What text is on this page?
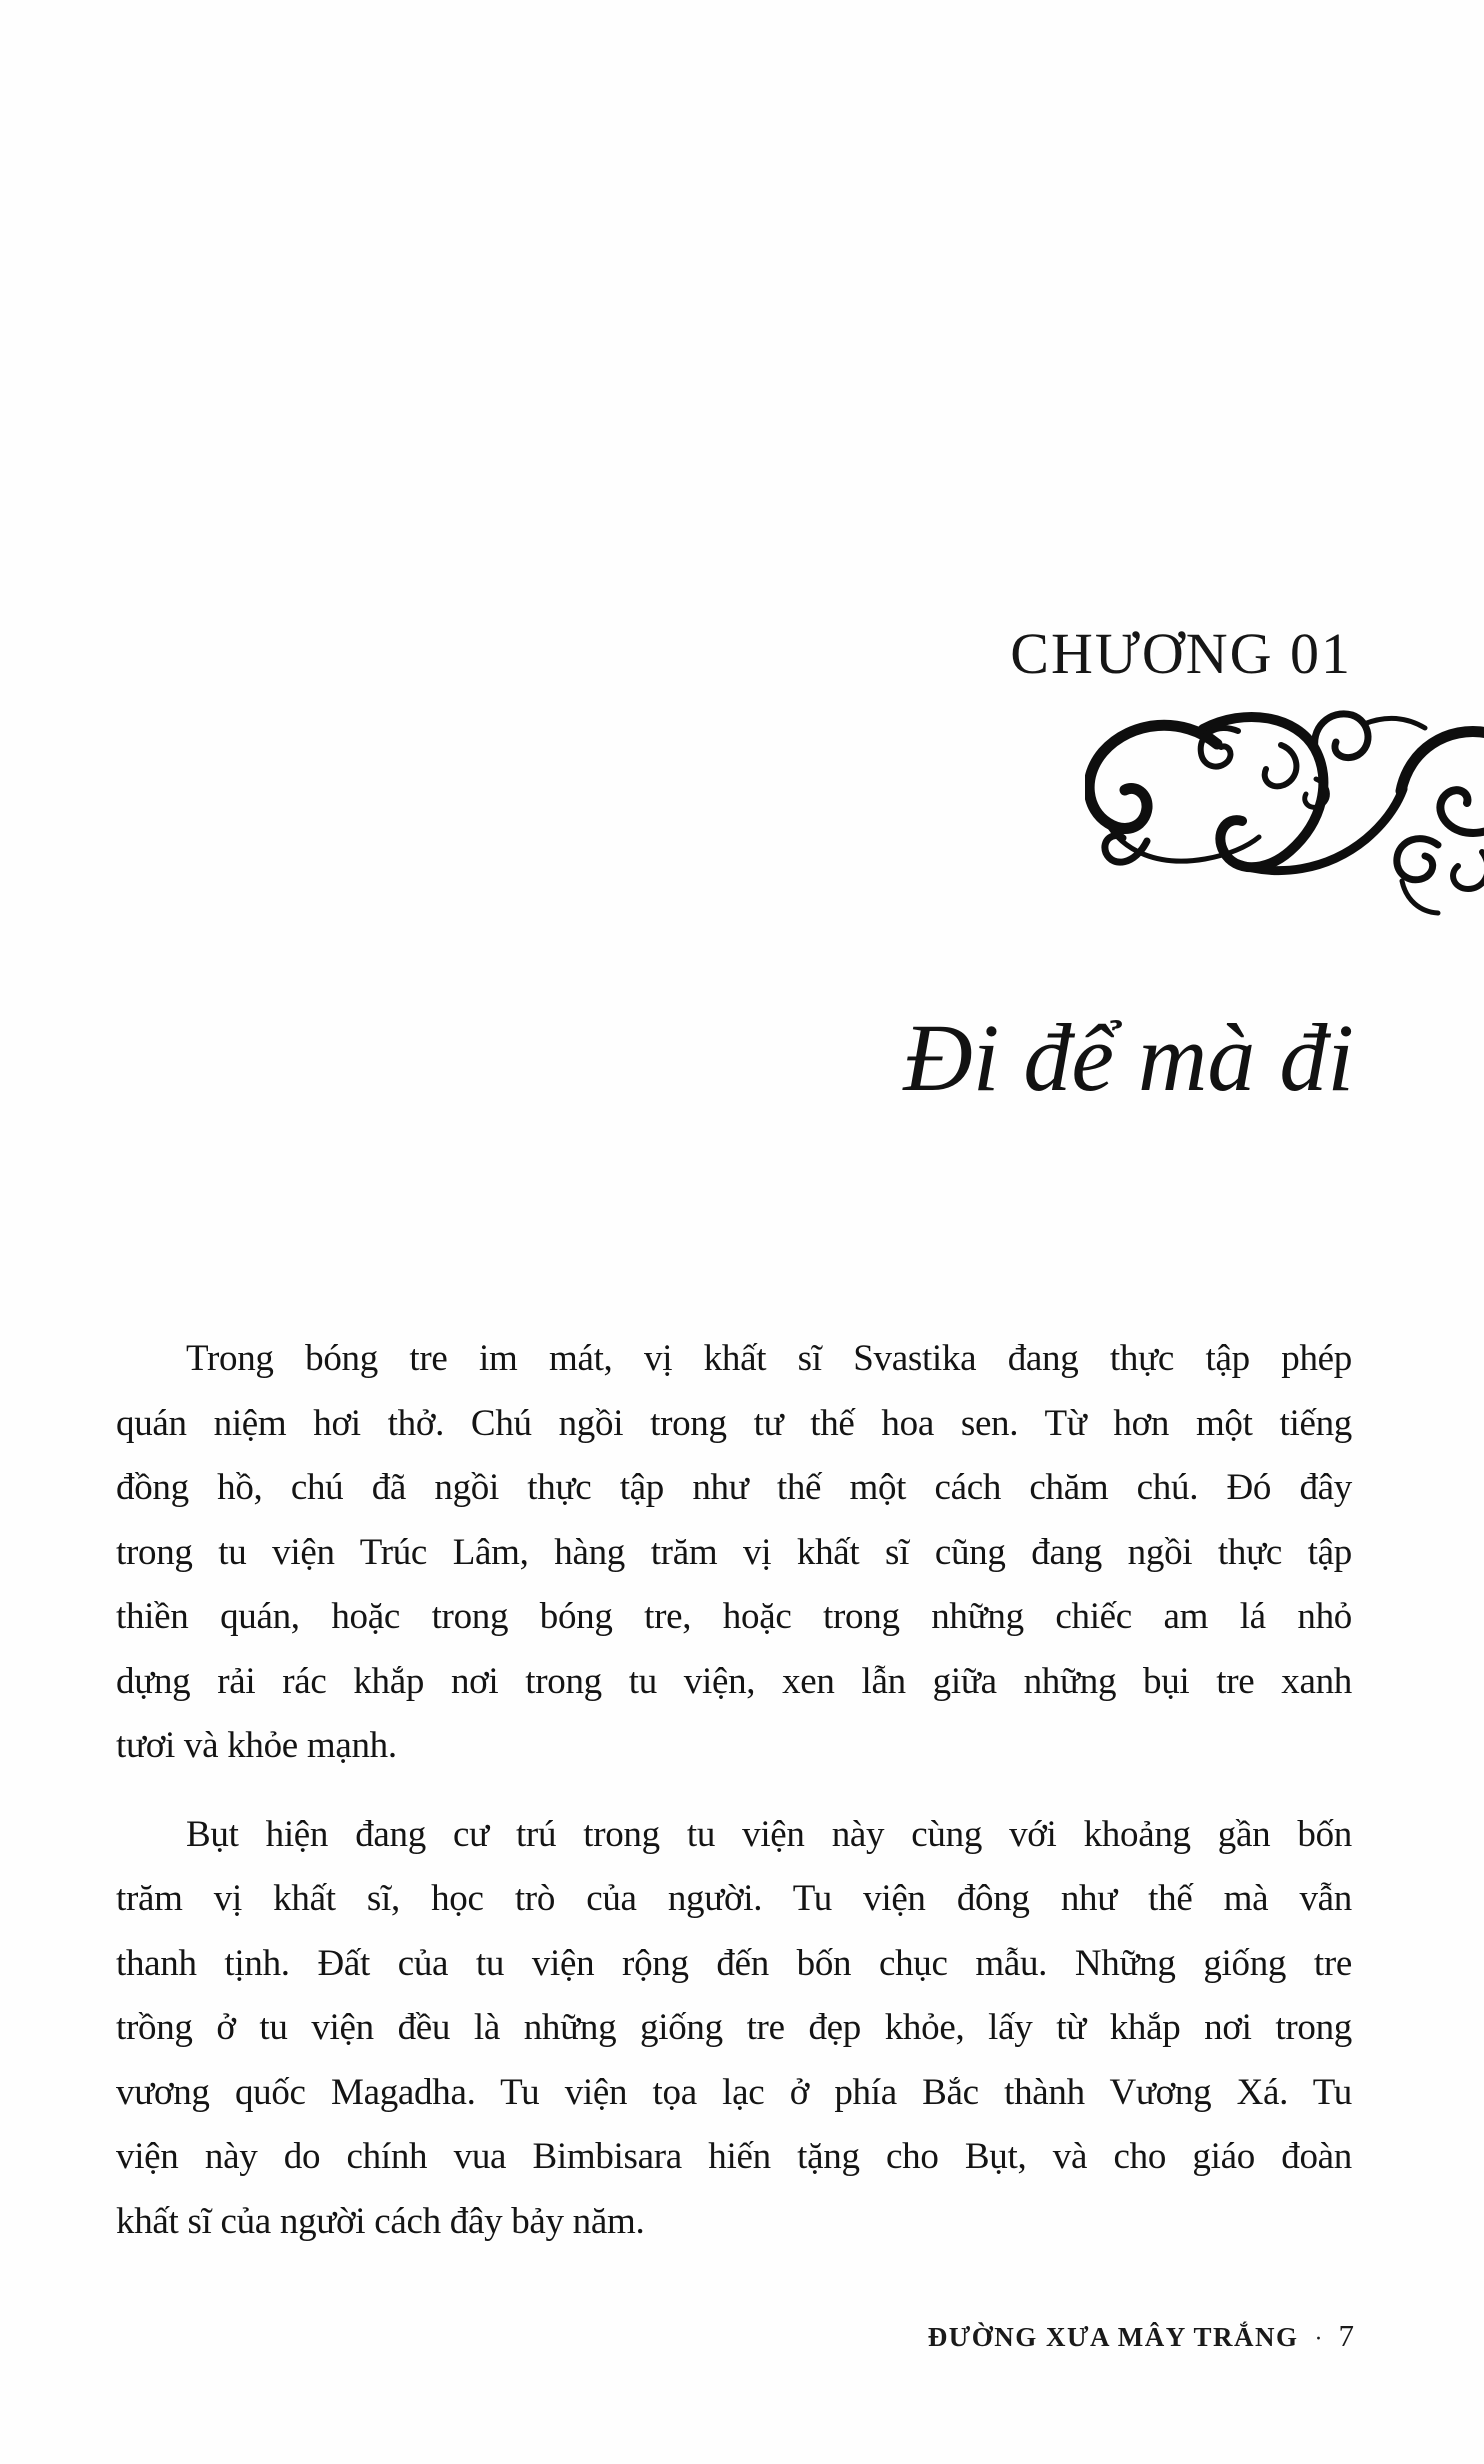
CHƯƠNG 01
Đi để mà đi
Trong bóng tre im mát, vị khất sĩ Svastika đang thực tập phép
quán niệm hơi thở. Chú ngồi trong tư thế hoa sen. Từ hơn một tiếng
đồng hồ, chú đã ngồi thực tập như thế một cách chăm chú. Đó đây
trong tu viện Trúc Lâm, hàng trăm vị khất sĩ cũng đang ngồi thực tập
thiền quán, hoặc trong bóng tre, hoặc trong những chiếc am lá nhỏ
dựng rải rác khắp nơi trong tu viện, xen lẫn giữa những bụi tre xanh
tươi và khỏe mạnh.
Bụt hiện đang cư trú trong tu viện này cùng với khoảng gần bốn
trăm vị khất sĩ, học trò của người. Tu viện đông như thế mà vẫn
thanh tịnh. Đất của tu viện rộng đến bốn chục mẫu. Những giống tre
trồng ở tu viện đều là những giống tre đẹp khỏe, lấy từ khắp nơi trong
vương quốc Magadha. Tu viện tọa lạc ở phía Bắc thành Vương Xá. Tu
viện này do chính vua Bimbisara hiến tặng cho Bụt, và cho giáo đoàn
khất sĩ của người cách đây bảy năm.
ĐƯỜNG XƯA MÂY TRẮNG · 7
